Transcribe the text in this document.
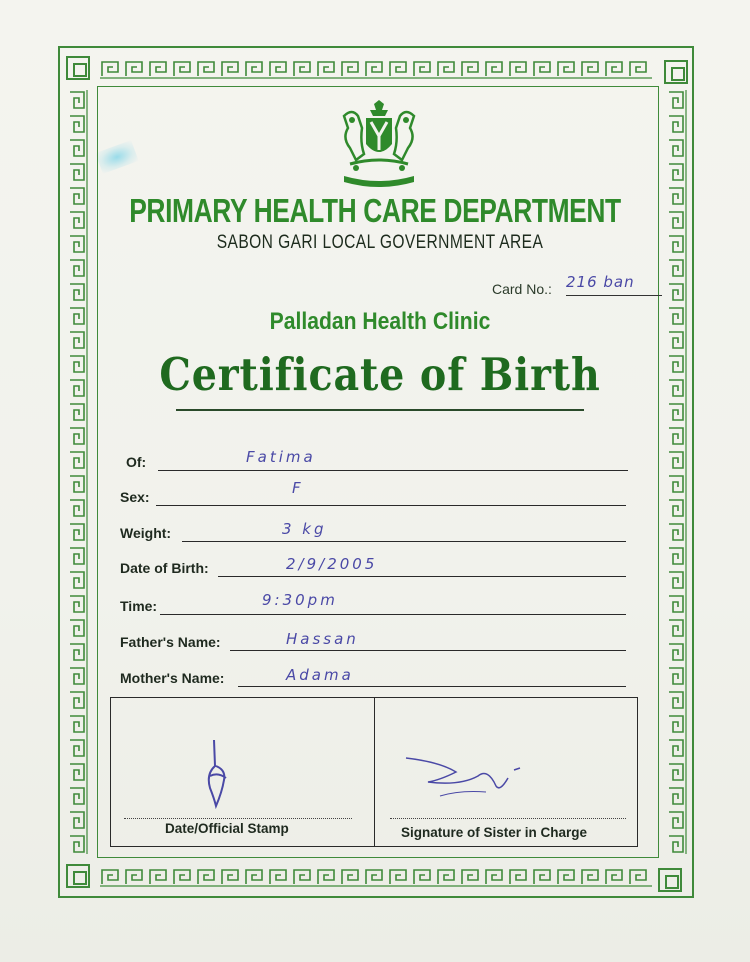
PRIMARY HEALTH CARE DEPARTMENT
SABON GARI LOCAL GOVERNMENT AREA
Card No.: 216 ban
Palladan Health Clinic
Certificate of Birth
Of:	Fatima
Sex:	F
Weight:	3 kg
Date of Birth:	2/9/2005
Time:	9:30pm
Father's Name:	Hassan
Mother's Name:	Adama
Date/Official Stamp	Signature of Sister in Charge
